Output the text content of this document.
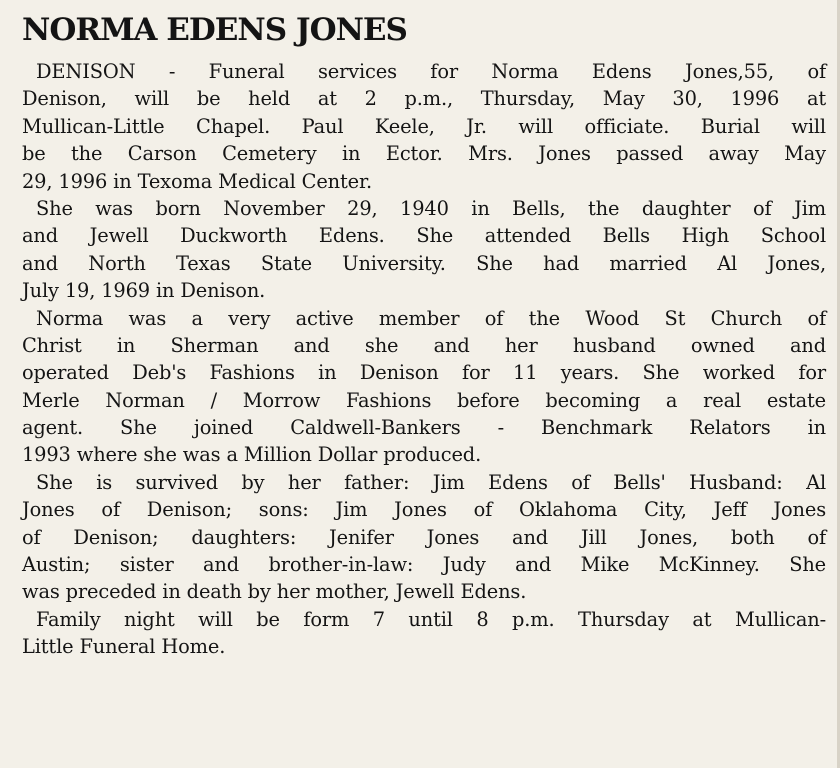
NORMA EDENS JONES
DENISON - Funeral services for Norma Edens Jones,55, of
Denison, will be held at 2 p.m., Thursday, May 30, 1996 at
Mullican-Little Chapel. Paul Keele, Jr. will officiate. Burial will
be the Carson Cemetery in Ector. Mrs. Jones passed away May
29, 1996 in Texoma Medical Center.
She was born November 29, 1940 in Bells, the daughter of Jim
and Jewell Duckworth Edens. She attended Bells High School
and North Texas State University. She had married Al Jones,
July 19, 1969 in Denison.
Norma was a very active member of the Wood St Church of
Christ in Sherman and she and her husband owned and
operated Deb's Fashions in Denison for 11 years. She worked for
Merle Norman / Morrow Fashions before becoming a real estate
agent. She joined Caldwell-Bankers - Benchmark Relators in
1993 where she was a Million Dollar produced.
She is survived by her father: Jim Edens of Bells' Husband: Al
Jones of Denison; sons: Jim Jones of Oklahoma City, Jeff Jones
of Denison; daughters: Jenifer Jones and Jill Jones, both of
Austin; sister and brother-in-law: Judy and Mike McKinney. She
was preceded in death by her mother, Jewell Edens.
Family night will be form 7 until 8 p.m. Thursday at Mullican-
Little Funeral Home.
